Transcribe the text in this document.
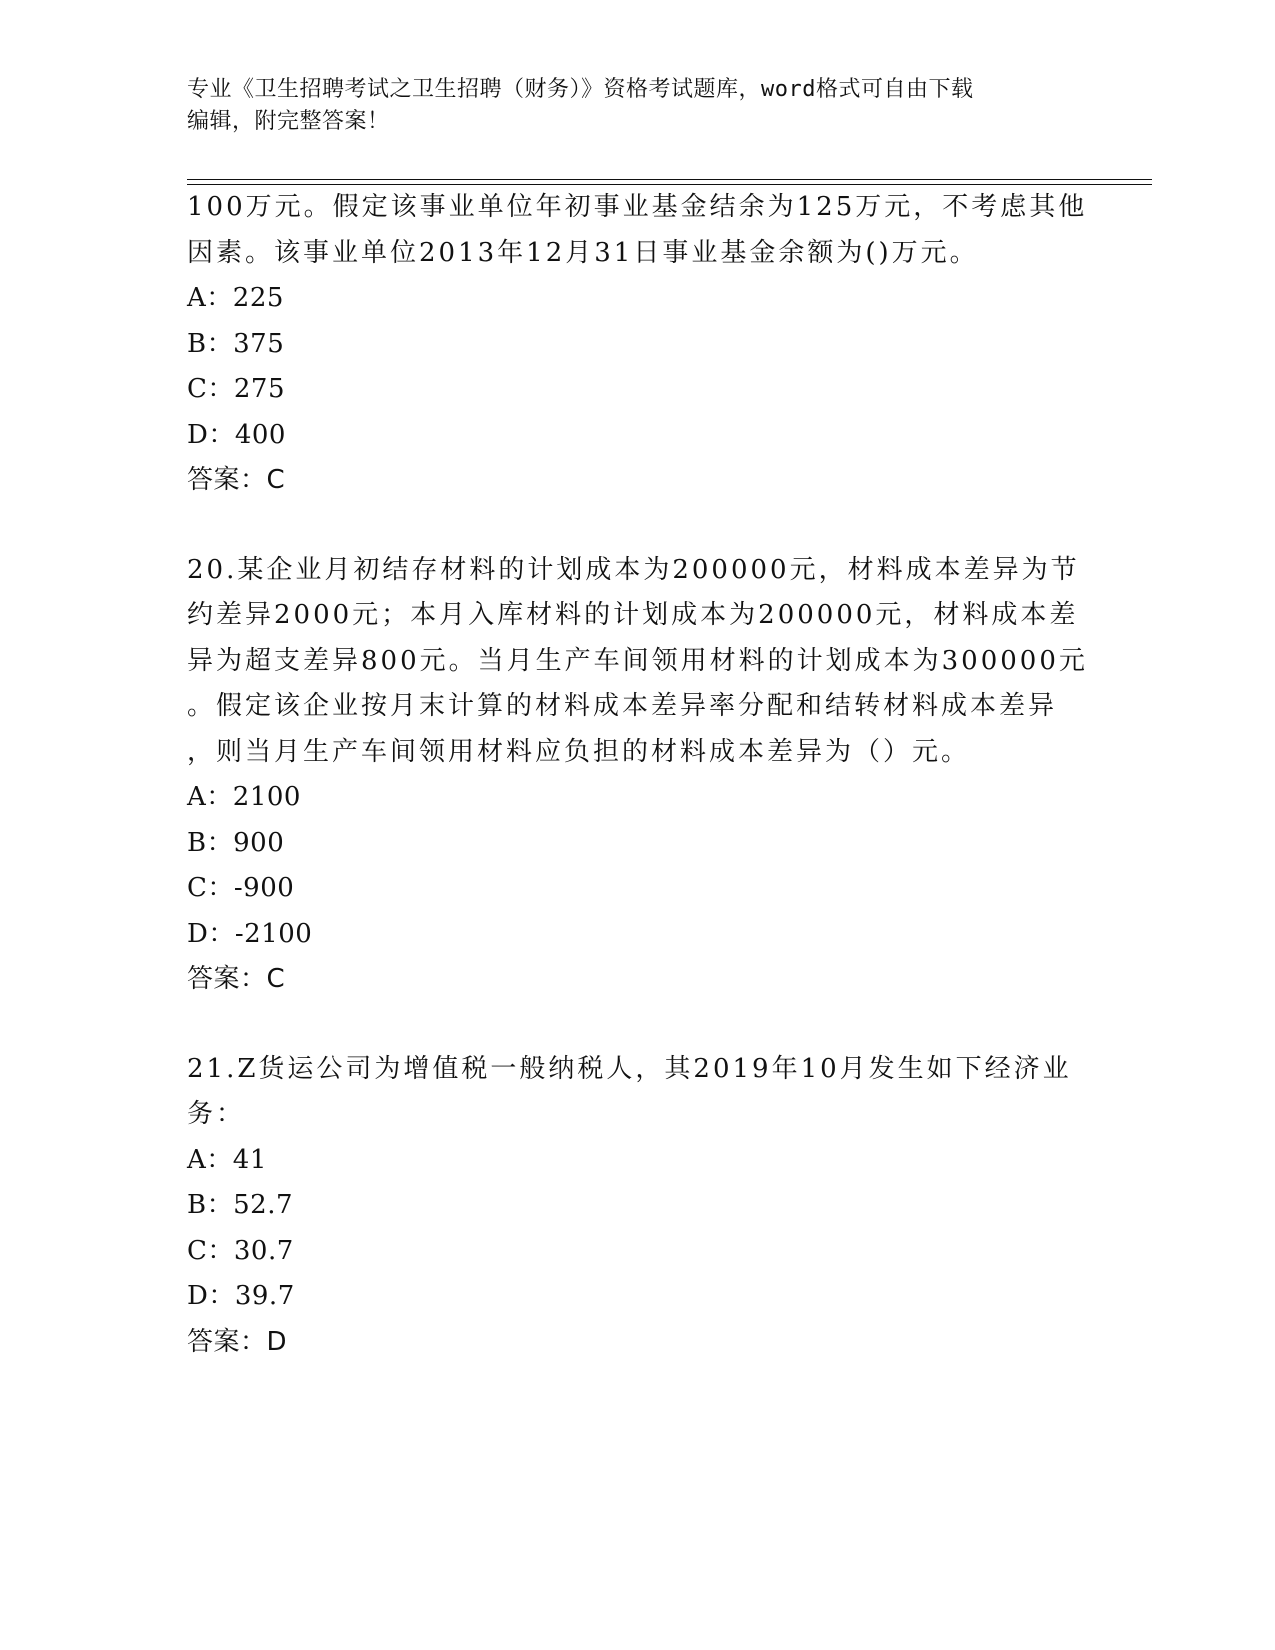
专业《卫生招聘考试之卫生招聘（财务）》资格考试题库，word格式可自由下载
编辑，附完整答案！
100万元。假定该事业单位年初事业基金结余为125万元，不考虑其他
因素。该事业单位2013年12月31日事业基金余额为()万元。
A：225
B：375
C：275
D：400
答案：C
20.某企业月初结存材料的计划成本为200000元，材料成本差异为节
约差异2000元；本月入库材料的计划成本为200000元，材料成本差
异为超支差异800元。当月生产车间领用材料的计划成本为300000元
。假定该企业按月末计算的材料成本差异率分配和结转材料成本差异
，则当月生产车间领用材料应负担的材料成本差异为（）元。
A：2100
B：900
C：-900
D：-2100
答案：C
21.Z货运公司为增值税一般纳税人，其2019年10月发生如下经济业
务：
A：41
B：52.7
C：30.7
D：39.7
答案：D
